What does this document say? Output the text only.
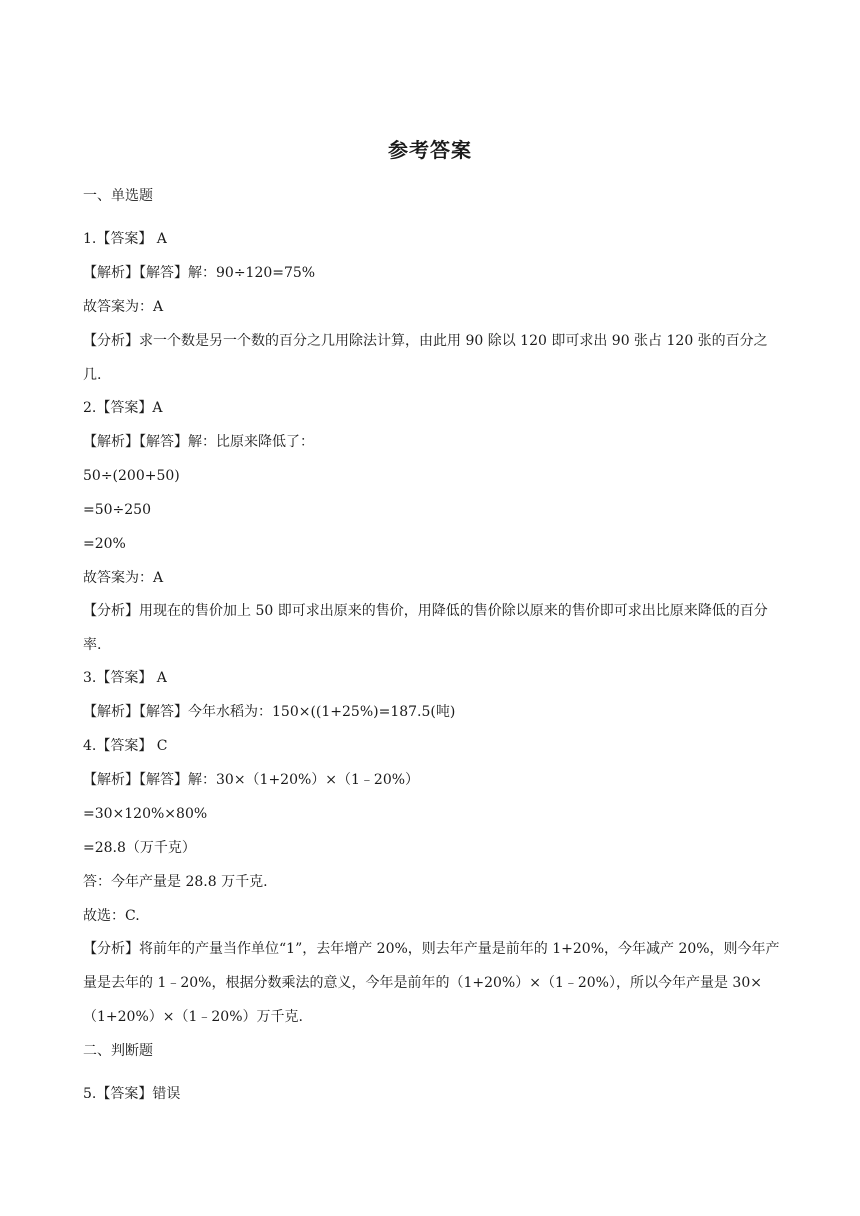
参考答案
一、单选题
1.【答案】 A
【解析】【解答】解：90÷120=75%
故答案为：A
【分析】求一个数是另一个数的百分之几用除法计算，由此用 90 除以 120 即可求出 90 张占 120 张的百分之几.
2.【答案】A
【解析】【解答】解：比原来降低了：
50÷(200+50)
=50÷250
=20%
故答案为：A
【分析】用现在的售价加上 50 即可求出原来的售价，用降低的售价除以原来的售价即可求出比原来降低的百分率.
3.【答案】 A
【解析】【解答】今年水稻为：150×((1+25%)=187.5(吨)
4.【答案】 C
【解析】【解答】解：30×（1+20%）×（1﹣20%）
=30×120%×80%
=28.8（万千克）
答：今年产量是 28.8 万千克.
故选：C.
【分析】将前年的产量当作单位“1”，去年增产 20%，则去年产量是前年的 1+20%，今年减产 20%，则今年产量是去年的 1﹣20%，根据分数乘法的意义，今年是前年的（1+20%）×（1﹣20%），所以今年产量是 30×（1+20%）×（1﹣20%）万千克.
二、判断题
5.【答案】错误
